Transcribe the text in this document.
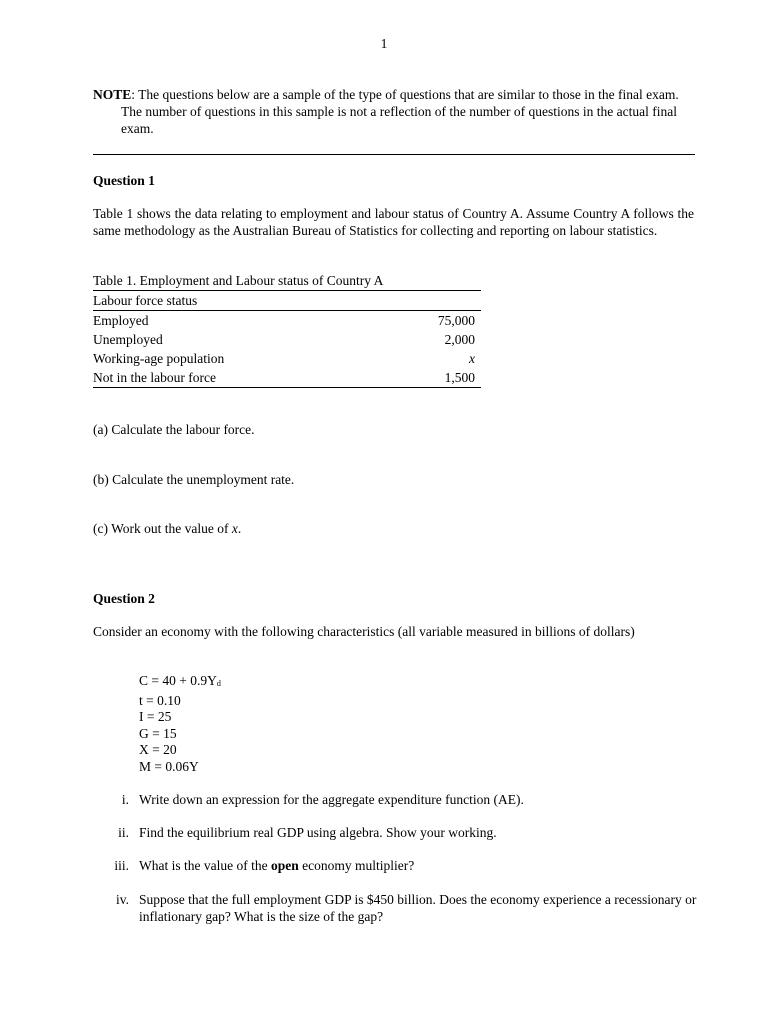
1
NOTE: The questions below are a sample of the type of questions that are similar to those in the final exam. The number of questions in this sample is not a reflection of the number of questions in the actual final exam.
Question 1
Table 1 shows the data relating to employment and labour status of Country A. Assume Country A follows the same methodology as the Australian Bureau of Statistics for collecting and reporting on labour statistics.
Table 1. Employment and Labour status of Country A
Labour force status	
Employed	75,000
Unemployed	2,000
Working-age population	x
Not in the labour force	1,500
(a) Calculate the labour force.
(b) Calculate the unemployment rate.
(c) Work out the value of x.
Question 2
Consider an economy with the following characteristics (all variable measured in billions of dollars)
$C = 40 + 0.9Y_d$
t = 0.10
I = 25
G = 15
X = 20
M = 0.06Y
i. Write down an expression for the aggregate expenditure function (AE).
ii. Find the equilibrium real GDP using algebra. Show your working.
iii. What is the value of the open economy multiplier?
iv. Suppose that the full employment GDP is $450 billion. Does the economy experience a recessionary or inflationary gap? What is the size of the gap?
